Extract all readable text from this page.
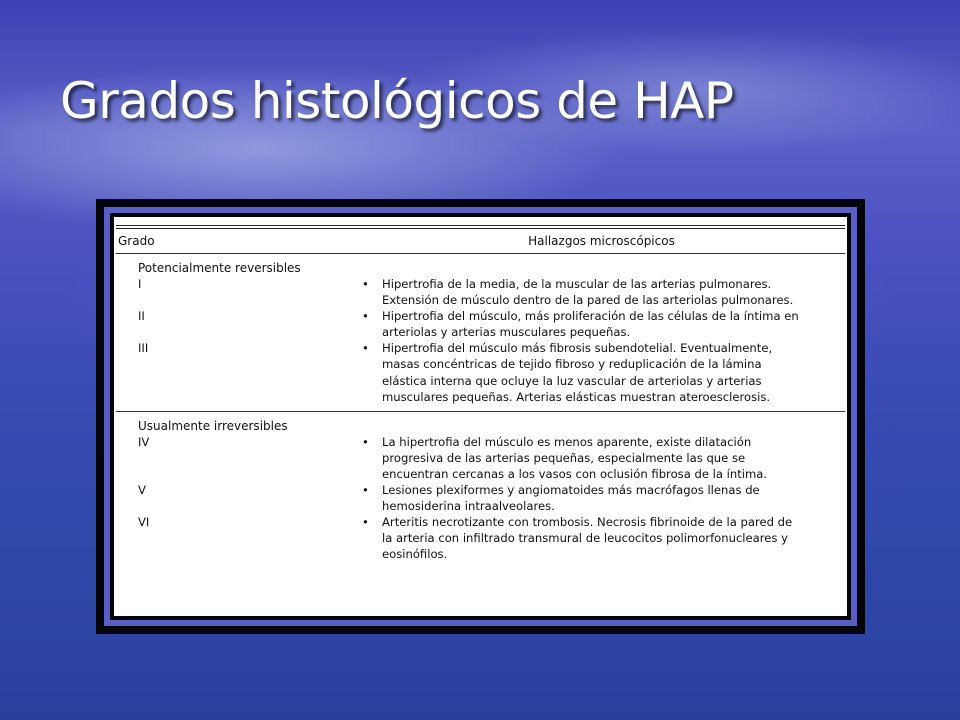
Grados histológicos de HAP
Grado	Hallazgos microscópicos
Potencialmente reversibles
I	•	Hipertrofia de la media, de la muscular de las arterias pulmonares.
Extensión de músculo dentro de la pared de las arteriolas pulmonares.
II	•	Hipertrofia del músculo, más proliferación de las células de la íntima en
arteriolas y arterias musculares pequeñas.
III	•	Hipertrofia del músculo más fibrosis subendotelial. Eventualmente,
masas concéntricas de tejido fibroso y reduplicación de la lámina
elástica interna que ocluye la luz vascular de arteriolas y arterias
musculares pequeñas. Arterias elásticas muestran ateroesclerosis.
Usualmente irreversibles
IV	•	La hipertrofia del músculo es menos aparente, existe dilatación
progresiva de las arterias pequeñas, especialmente las que se
encuentran cercanas a los vasos con oclusión fibrosa de la íntima.
V	•	Lesiones plexiformes y angiomatoides más macrófagos llenas de
hemosiderina intraalveolares.
VI	•	Arteritis necrotizante con trombosis. Necrosis fibrinoide de la pared de
la arteria con infiltrado transmural de leucocitos polimorfonucleares y
eosinófilos.
